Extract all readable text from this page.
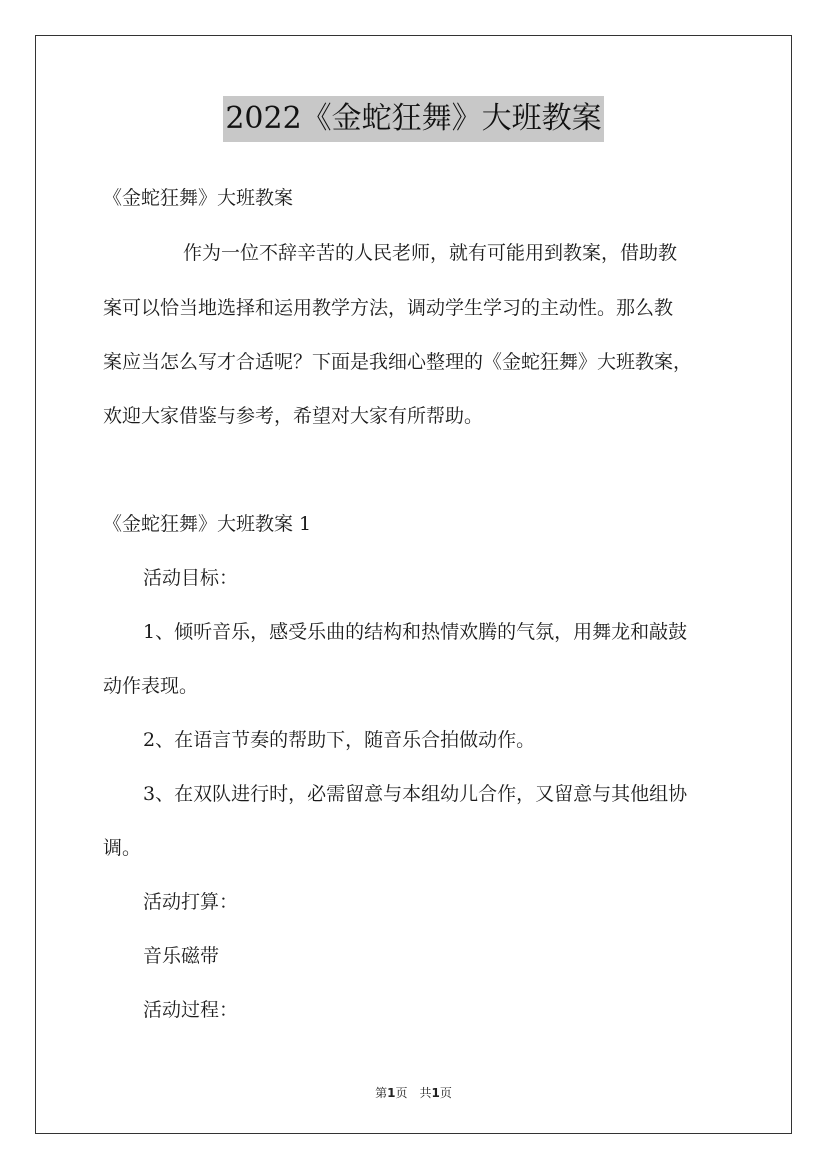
2022《金蛇狂舞》大班教案
《金蛇狂舞》大班教案
作为一位不辞辛苦的人民老师，就有可能用到教案，借助教
案可以恰当地选择和运用教学方法，调动学生学习的主动性。那么教
案应当怎么写才合适呢？下面是我细心整理的《金蛇狂舞》大班教案，
欢迎大家借鉴与参考，希望对大家有所帮助。
《金蛇狂舞》大班教案 1
活动目标：
1、倾听音乐，感受乐曲的结构和热情欢腾的气氛，用舞龙和敲鼓
动作表现。
2、在语言节奏的帮助下，随音乐合拍做动作。
3、在双队进行时，必需留意与本组幼儿合作，又留意与其他组协
调。
活动打算：
音乐磁带
活动过程：
第1页　共1页
